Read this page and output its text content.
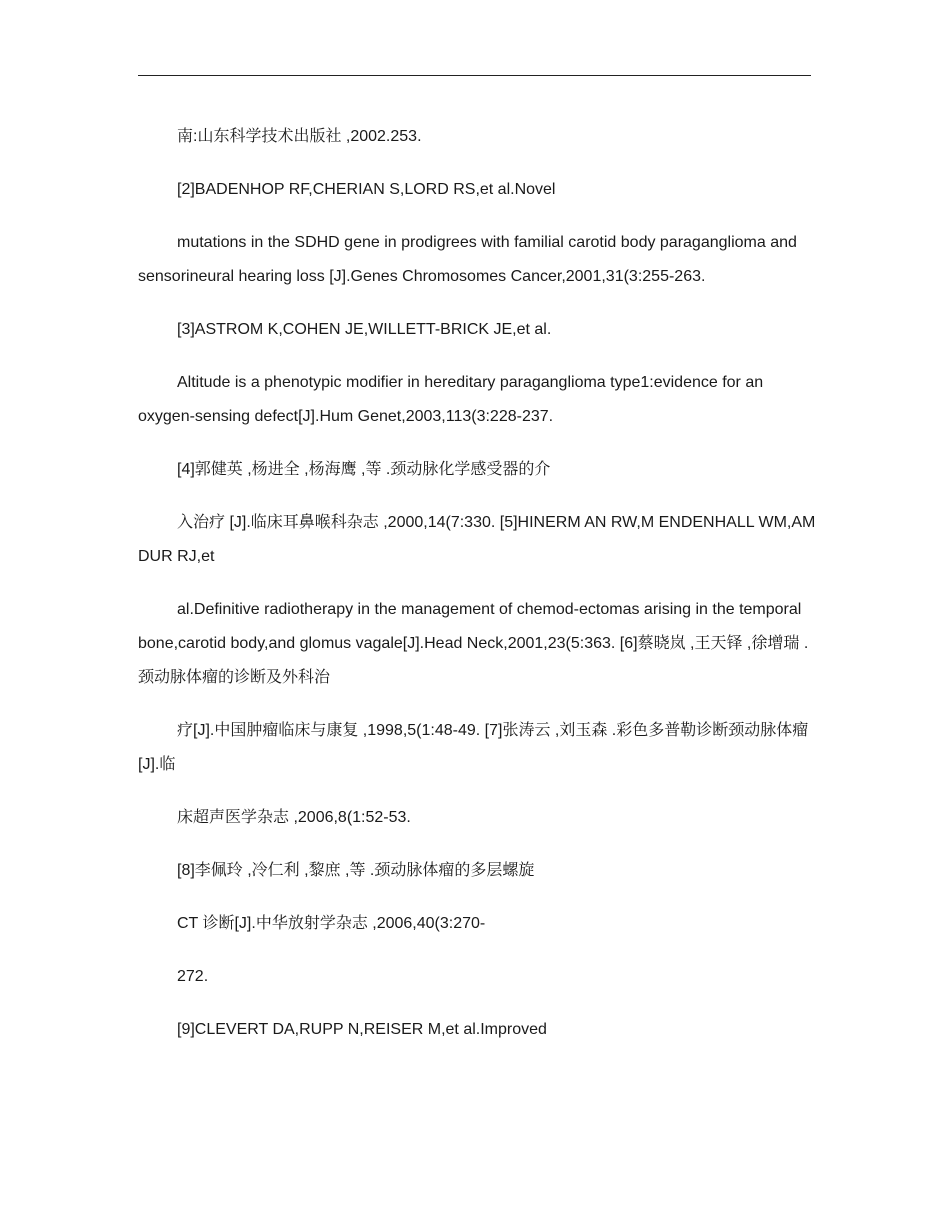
南:山东科学技术出版社 ,2002.253.

[2]BADENHOP RF,CHERIAN S,LORD RS,et al.Novel

mutations in the SDHD gene in prodigrees with familial carotid body paraganglioma and sensorineural hearing loss [J].Genes Chromosomes Cancer,2001,31(3:255-263.

[3]ASTROM K,COHEN JE,WILLETT-BRICK JE,et al.

Altitude is a phenotypic modifier in hereditary paraganglioma type1:evidence for an oxygen-sensing defect[J].Hum Genet,2003,113(3:228-237.

[4]郭健英 ,杨进全 ,杨海鹰 ,等 .颈动脉化学感受器的介

入治疗 [J].临床耳鼻喉科杂志 ,2000,14(7:330. [5]HINERM AN RW,M ENDENHALL WM,AM DUR RJ,et

al.Definitive radiotherapy in the management of chemod-ectomas arising in the temporal bone,carotid body,and glomus vagale[J].Head Neck,2001,23(5:363. [6]蔡晓岚 ,王天铎 ,徐增瑞 .颈动脉体瘤的诊断及外科治

疗[J].中国肿瘤临床与康复 ,1998,5(1:48-49. [7]张涛云 ,刘玉森 .彩色多普勒诊断颈动脉体瘤 [J].临

床超声医学杂志 ,2006,8(1:52-53.

[8]李佩玲 ,冷仁利 ,黎庶 ,等 .颈动脉体瘤的多层螺旋

CT 诊断[J].中华放射学杂志 ,2006,40(3:270-

272.

[9]CLEVERT DA,RUPP N,REISER M,et al.Improved
